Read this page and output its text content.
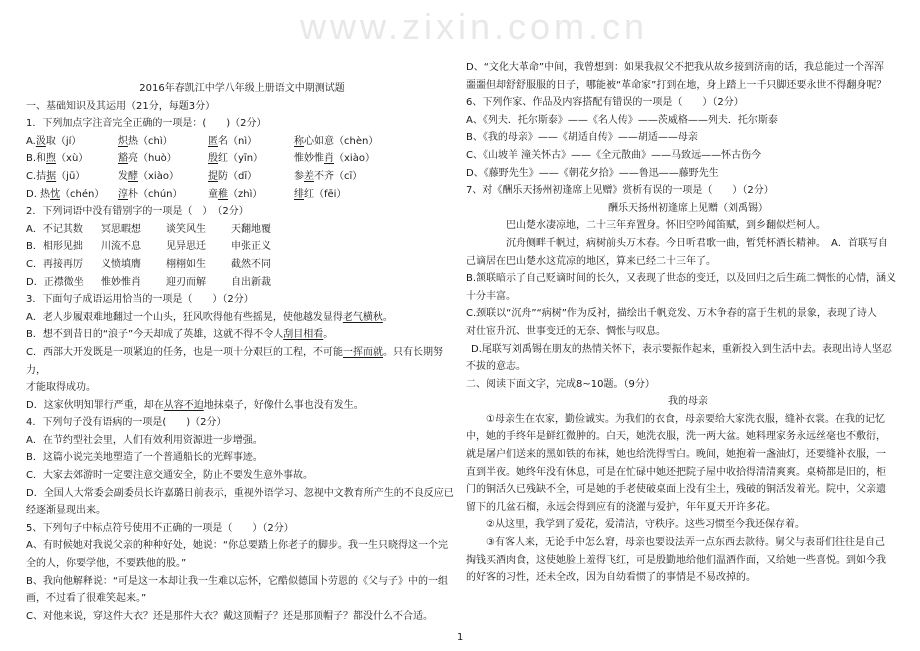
www.zixin.com.cn
2016年春凯江中学八年级上册语文中期测试题
一、基础知识及其运用（21分，每题3分）
1．下列加点字注音完全正确的一项是：(　　)（2分）
A.汲取（jí）	炽热（chì）	匿名（nì）	称心如意（chèn）
B.和煦（xù）	豁亮（huò）	殷红（yīn）	惟妙惟肖（xiào）
C.拮据（jū）	发酵（xiào）	提防（dī）	参差不齐（cī）
D. 热忱（chén） 淳朴（chún）	童稚（zhì）	绯红（fēi）
2．下列词语中没有错别字的一项是（　）　（2分）
A．不记其数 冥思暇想	谈笑风生	天翻地覆
B．相形见拙 川流不息	见异思迁	申张正义
C．再接再厉 义愤填膺	栩栩如生	截然不同
D．正襟微坐 惟妙惟肖	迎刃而解	自出新裁
3．下面句子成语运用恰当的一项是（　　）（2分）
A．老人步履艰难地翻过一个山头，狂风吹得他有些摇晃，使他越发显得老气横秋。
B．想不到昔日的“浪子”今天却成了英雄，这就不得不令人刮目相看。
C．西部大开发既是一项紧迫的任务，也是一项十分艰巨的工程，不可能一挥而就。只有长期努力，
才能取得成功。
D．这家伙明知罪行严重，却在从容不迫地抹桌子，好像什么事也没有发生。
4．下列句子没有语病的一项是(　　)（2分）
A．在节约型社会里，人们有效利用资源进一步增强。
B．这篇小说完美地塑造了一个普通船长的光辉事迹。
C．大家去郊游时一定要注意交通安全，防止不要发生意外事故。
D．全国人大常委会副委员长许嘉璐日前表示，重视外语学习、忽视中文教育所产生的不良反应已
经逐渐显现出来。
5、下列句子中标点符号使用不正确的一项是（　　）（2分）
A、有时候她对我说父亲的种种好处，她说：“你总要踏上你老子的脚步。我一生只晓得这一个完
全的人，你要学他，不要跌他的股。”
B、我向他解释说：“可是这一本却让我一生难以忘怀，它酷似德国卜劳恩的《父与子》中的一组
画，不过看了很难笑起来。”
C、对他来说，穿这件大衣？还是那件大衣？戴这顶帽子？还是那顶帽子？都没什么不合适。
D、“文化大革命”中间，我曾想到：如果我叔父不把我从故乡接到济南的话，我总能过一个浑浑
噩噩但却舒舒服服的日子，哪能被“革命家”打到在地，身上踏上一千只脚还要永世不得翻身呢？
6、下列作家、作品及内容搭配有错误的一项是（　　）（2分）
A、《列夫．托尔斯泰》——《名人传》——茨威格——列夫．托尔斯泰
B、《我的母亲》——《胡适自传》——胡适——母亲
C、《山坡羊 潼关怀古》——《全元散曲》——马致远——怀古伤今
D、《藤野先生》——《朝花夕拾》——鲁迅——藤野先生
7、对《酬乐天扬州初逢席上见赠》赏析有误的一项是（　　）（2分）
酬乐天扬州初逢席上见赠（刘禹锡）
巴山楚水凄凉地，二十三年弃置身。怀旧空吟闻笛赋，到乡翻似烂柯人。
沉舟侧畔千帆过，病树前头万木春。今日听君歌一曲，暂凭杯酒长精神。　A．首联写自
己谪居在巴山楚水这荒凉的地区，算来已经二十三年了。
B.颔联暗示了自己贬谪时间的长久，又表现了世态的变迁，以及回归之后生疏二惆怅的心情，涵义
十分丰富。
C.颈联以“沉舟”“病树”作为反衬，描绘出千帆竞发、万木争春的富于生机的景象，表现了诗人
对仕宦升沉、世事变迁的无奈、惆怅与叹息。
D.尾联写刘禹锡在朋友的热情关怀下，表示要振作起来，重新投入到生活中去。表现出诗人坚忍
不拔的意志。
二、阅读下面文字，完成8~10题。（9分）
我的母亲
①母亲生在农家，勤俭诚实。为我们的衣食，母亲要给大家洗衣服，缝补衣裳。在我的记忆
中，她的手终年是鲜红微肿的。白天，她洗衣服，洗一两大盆。她料理家务永远丝毫也不敷衍，
就是屠户们送来的黑如铁的布袜，她也给洗得雪白。晚间，她抱着一盏油灯，还要缝补衣服，一
直到半夜。她终年没有休息，可是在忙碌中她还把院子屋中收拾得清清爽爽。桌椅都是旧的，柜
门的铜活久已残缺不全，可是她的手老使破桌面上没有尘土，残破的铜活发着光。院中，父亲遗
留下的几盆石榴，永远会得到应有的浇灌与爱护，年年夏天开许多花。
②从这里，我学到了爱花，爱清洁，守秩序。这些习惯至今我还保存着。
③有客人来，无论手中怎么窘，母亲也要设法弄一点东西去款待。舅父与表哥们往往是自己
掏钱买酒肉食，这使她脸上羞得飞红，可是殷勤地给他们温酒作面，又给她一些喜悦。到如今我
的好客的习性，还未全改，因为自幼看惯了的事情是不易改掉的。
1
